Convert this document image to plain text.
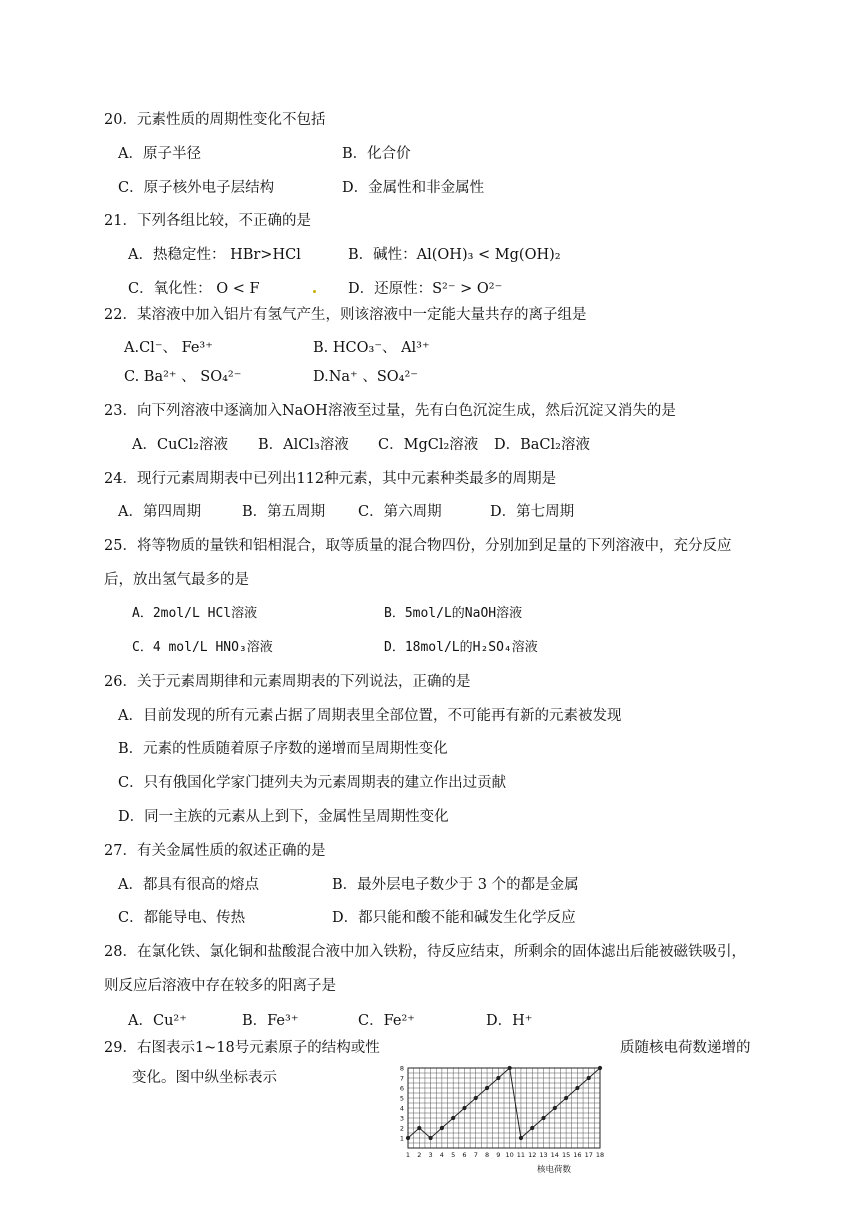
20．元素性质的周期性变化不包括
A．原子半径	B．化合价
C．原子核外电子层结构	D．金属性和非金属性
21．下列各组比较，不正确的是
A．热稳定性： HBr>HCl	B．碱性：Al(OH)₃ < Mg(OH)₂
C．氧化性： O < F	D．还原性：S²⁻ > O²⁻
22．某溶液中加入铝片有氢气产生，则该溶液中一定能大量共存的离子组是
A.Cl⁻、 Fe³⁺	B. HCO₃⁻、 Al³⁺
C. Ba²⁺ 、 SO₄²⁻	D.Na⁺ 、SO₄²⁻
23．向下列溶液中逐滴加入NaOH溶液至过量，先有白色沉淀生成，然后沉淀又消失的是
A．CuCl₂溶液 B．AlCl₃溶液 C．MgCl₂溶液 D．BaCl₂溶液
24．现行元素周期表中已列出112种元素，其中元素种类最多的周期是
A．第四周期	B．第五周期 C．第六周期	D．第七周期
25．将等物质的量铁和铝相混合，取等质量的混合物四份，分别加到足量的下列溶液中，充分反应
后，放出氢气最多的是
A．2mol/L HCl溶液	B．5mol/L的NaOH溶液
C．4 mol/L HNO₃溶液	D．18mol/L的H₂SO₄溶液
26．关于元素周期律和元素周期表的下列说法，正确的是
A．目前发现的所有元素占据了周期表里全部位置，不可能再有新的元素被发现
B．元素的性质随着原子序数的递增而呈周期性变化
C．只有俄国化学家门捷列夫为元素周期表的建立作出过贡献
D．同一主族的元素从上到下，金属性呈周期性变化
27．有关金属性质的叙述正确的是
A．都具有很高的熔点	B．最外层电子数少于 3 个的都是金属
C．都能导电、传热	D．都只能和酸不能和碱发生化学反应
28．在氯化铁、氯化铜和盐酸混合液中加入铁粉，待反应结束，所剩余的固体滤出后能被磁铁吸引，
则反应后溶液中存在较多的阳离子是
A．Cu²⁺	B．Fe³⁺	C．Fe²⁺	D．H⁺
29．右图表示1~18号元素原子的结构或性	质随核电荷数递增的
变化。图中纵坐标表示
1
2
3
4
5
6
7
8
1 2 3 4 5 6 7 8 9 10 11 12 13 14 15 16 17 18
核电荷数
